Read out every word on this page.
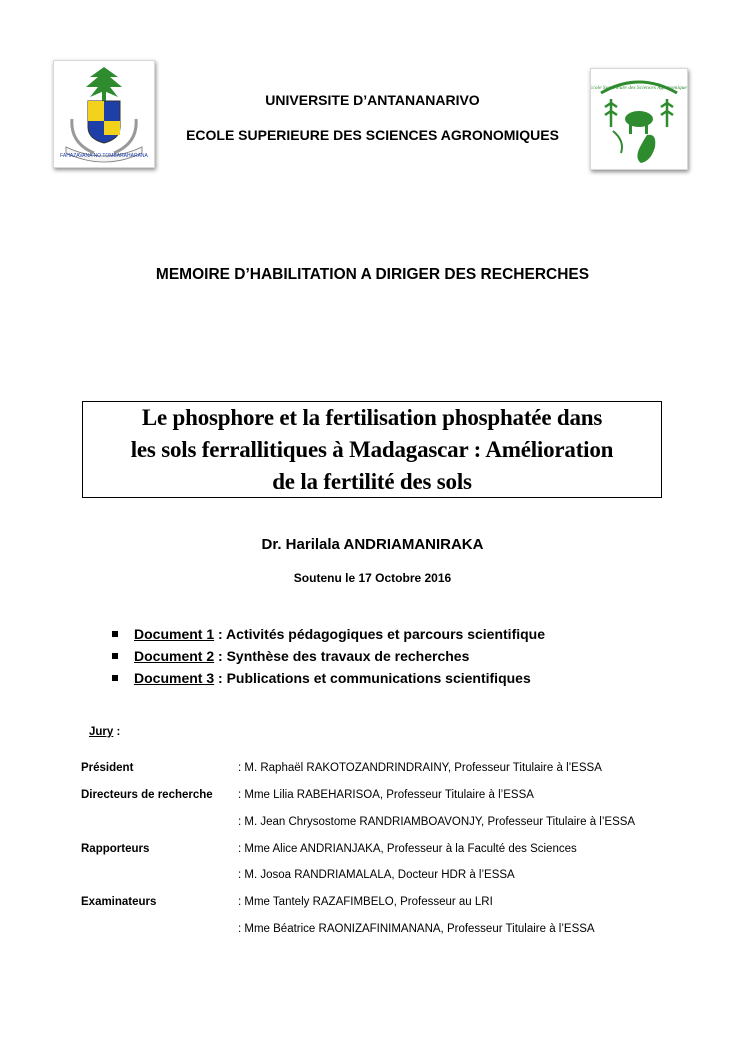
FAHAZAVANA NO TOMBARAHARANA
Ecole Supérieure des Sciences Agronomiques
UNIVERSITE D’ANTANANARIVO
ECOLE SUPERIEURE DES SCIENCES AGRONOMIQUES
MEMOIRE D’HABILITATION A DIRIGER DES RECHERCHES
Le phosphore et la fertilisation phosphatée dans
les sols ferrallitiques à Madagascar : Amélioration
de la fertilité des sols
Dr. Harilala ANDRIAMANIRAKA
Soutenu le 17 Octobre 2016
Document 1 : Activités pédagogiques et parcours scientifique
Document 2 : Synthèse des travaux de recherches
Document 3 : Publications et communications scientifiques
Jury :
Président	: M. Raphaël RAKOTOZANDRINDRAINY, Professeur Titulaire à l’ESSA
Directeurs de recherche : Mme Lilia RABEHARISOA, Professeur Titulaire à l’ESSA
: M. Jean Chrysostome RANDRIAMBOAVONJY, Professeur Titulaire à l’ESSA
Rapporteurs	: Mme Alice ANDRIANJAKA, Professeur à la Faculté des Sciences
: M. Josoa RANDRIAMALALA, Docteur HDR à l’ESSA
Examinateurs	: Mme Tantely RAZAFIMBELO, Professeur au LRI
: Mme Béatrice RAONIZAFINIMANANA, Professeur Titulaire à l’ESSA
